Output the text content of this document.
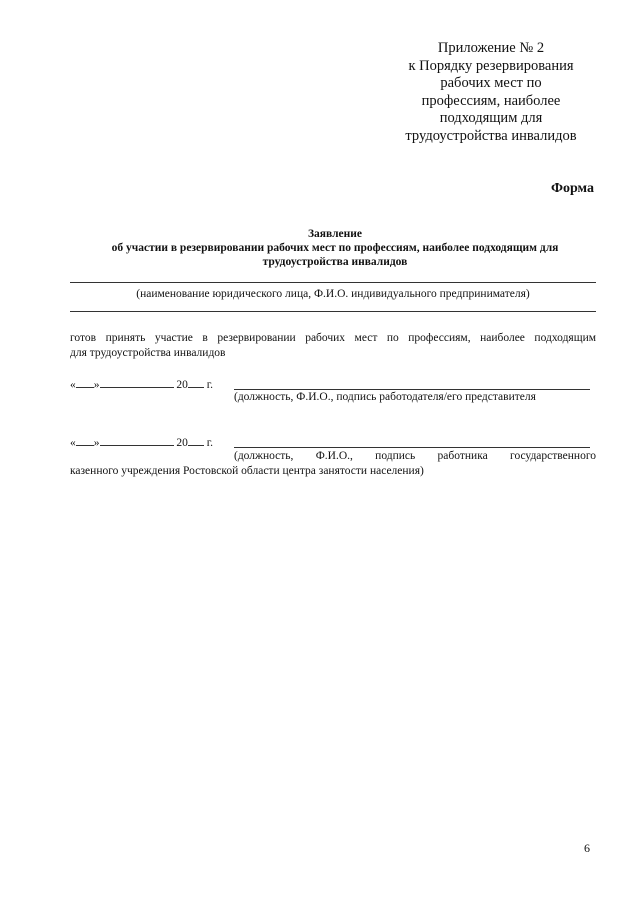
Приложение № 2
к Порядку резервирования
рабочих мест по
профессиям, наиболее
подходящим для
трудоустройства инвалидов
Форма
Заявление
об участии в резервировании рабочих мест по профессиям, наиболее подходящим для
трудоустройства инвалидов
(наименование юридического лица, Ф.И.О. индивидуального предпринимателя)
готов принять участие в резервировании рабочих мест по профессиям, наиболее подходящим
для трудоустройства инвалидов
« »	20 г.
(должность, Ф.И.О., подпись работодателя/его представителя
« »	20 г.
(должность, Ф.И.О., подпись работника государственного
казенного учреждения Ростовской области центра занятости населения)
6
